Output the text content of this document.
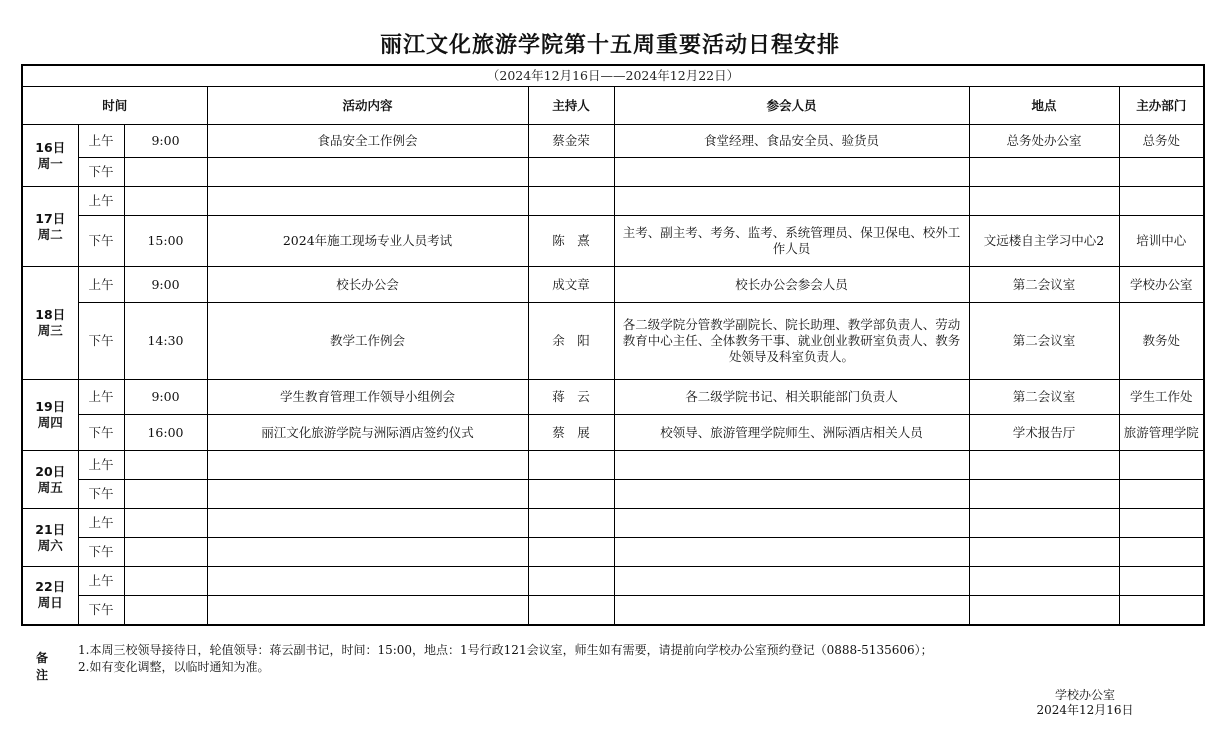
丽江文化旅游学院第十五周重要活动日程安排
（2024年12月16日——2024年12月22日）							
时间			活动内容	主持人	参会人员	地点	主办部门

16日
周一	上午	9:00	食品安全工作例会	蔡金荣	食堂经理、食品安全员、验货员	总务处办公室	总务处
	下午						

17日
周二	上午						
	下午	15:00	2024年施工现场专业人员考试	陈　熹	主考、副主考、考务、监考、系统管理员、保卫保电、校外工作人员	文远楼自主学习中心2	培训中心

18日
周三	上午	9:00	校长办公会	成文章	校长办公会参会人员	第二会议室	学校办公室
	下午	14:30	教学工作例会	余　阳	各二级学院分管教学副院长、院长助理、教学部负责人、劳动教育中心主任、全体教务干事、就业创业教研室负责人、教务处领导及科室负责人。	第二会议室	教务处

19日
周四	上午	9:00	学生教育管理工作领导小组例会	蒋　云	各二级学院书记、相关职能部门负责人	第二会议室	学生工作处
	下午	16:00	丽江文化旅游学院与洲际酒店签约仪式	蔡　展	校领导、旅游管理学院师生、洲际酒店相关人员	学术报告厅	旅游管理学院

20日
周五	上午						
	下午						

21日
周六	上午						
	下午						

22日
周日	上午						
	下午						
备注
1.本周三校领导接待日，轮值领导：蒋云副书记，时间：15:00，地点：1号行政121会议室，师生如有需要，请提前向学校办公室预约登记（0888-5135606）；
2.如有变化调整，以临时通知为准。
学校办公室
2024年12月16日
